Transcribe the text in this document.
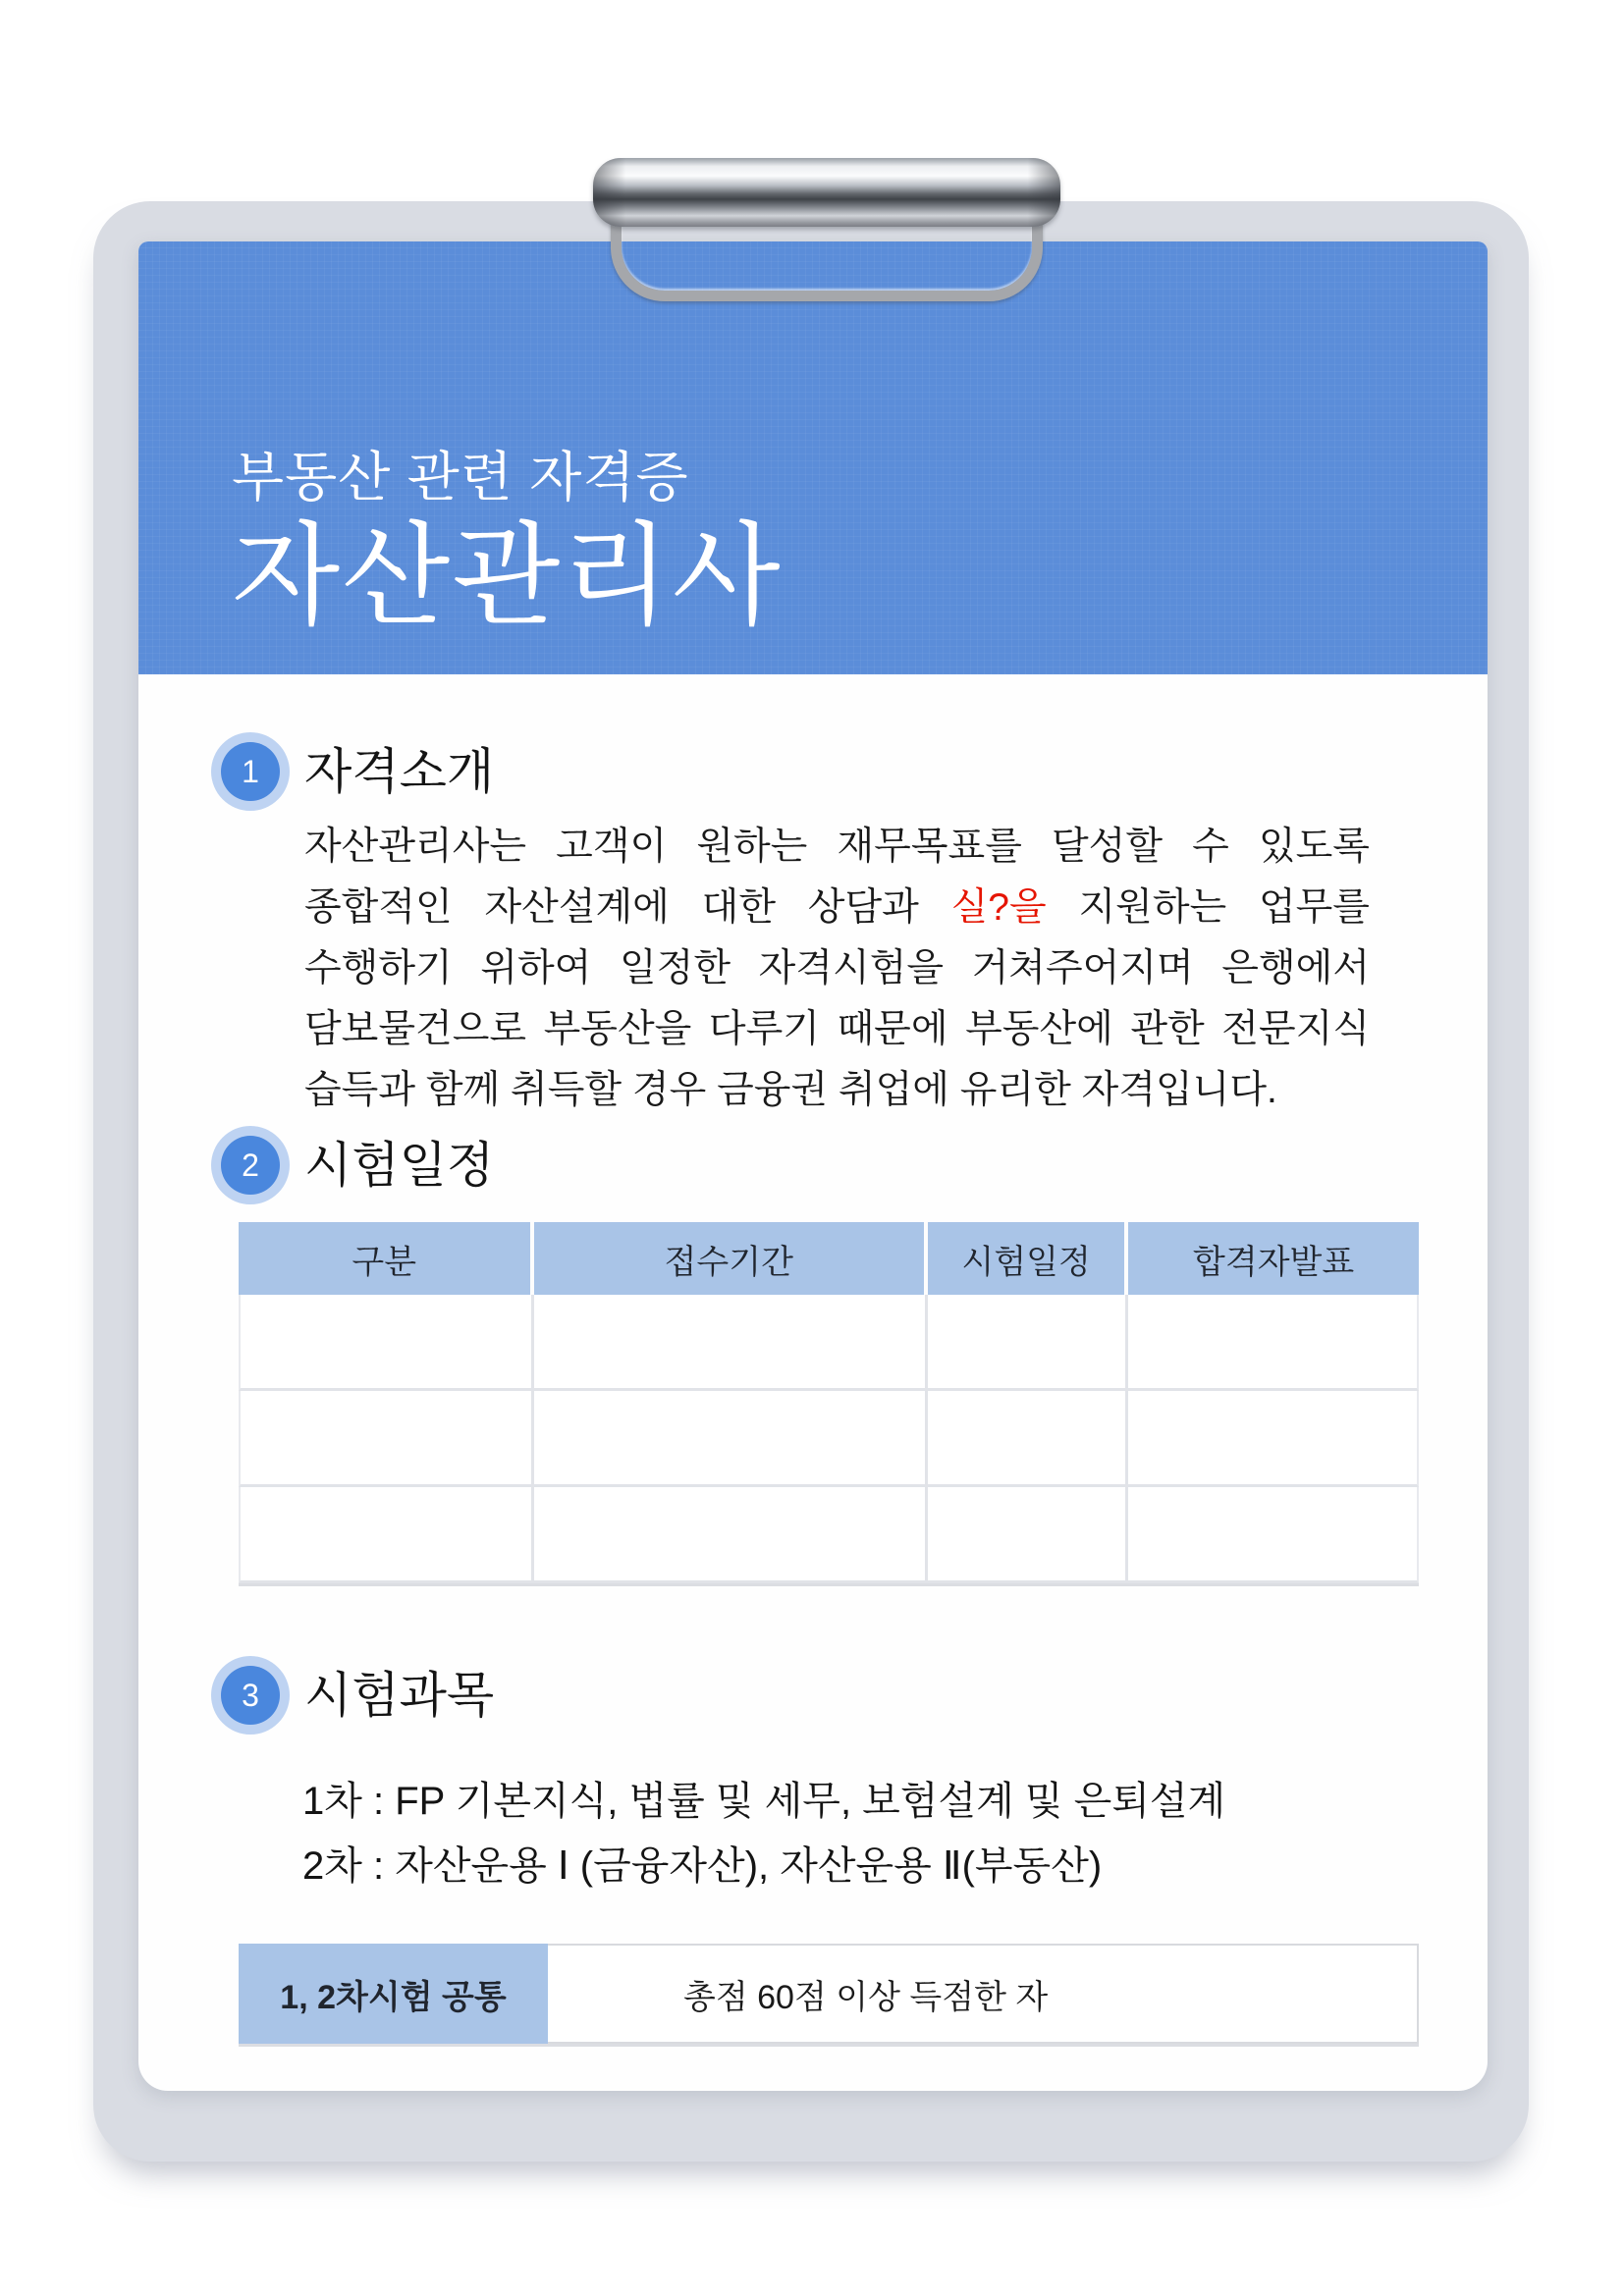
부동산 관련 자격증
자산관리사
1 자격소개
자산관리사는 고객이 원하는 재무목표를 달성할 수 있도록
종합적인 자산설계에 대한 상담과 실?을 지원하는 업무를
수행하기 위하여 일정한 자격시험을 거쳐주어지며 은행에서
담보물건으로 부동산을 다루기 때문에 부동산에 관한 전문지식
습득과 함께 취득할 경우 금융권 취업에 유리한 자격입니다.
2 시험일정
구분	접수기간	시험일정	합격자발표
3 시험과목
1차 : FP 기본지식, 법률 및 세무, 보험설계 및 은퇴설계
2차 : 자산운용 Ⅰ (금융자산), 자산운용 Ⅱ(부동산)
1, 2차시험 공통	총점 60점 이상 득점한 자
